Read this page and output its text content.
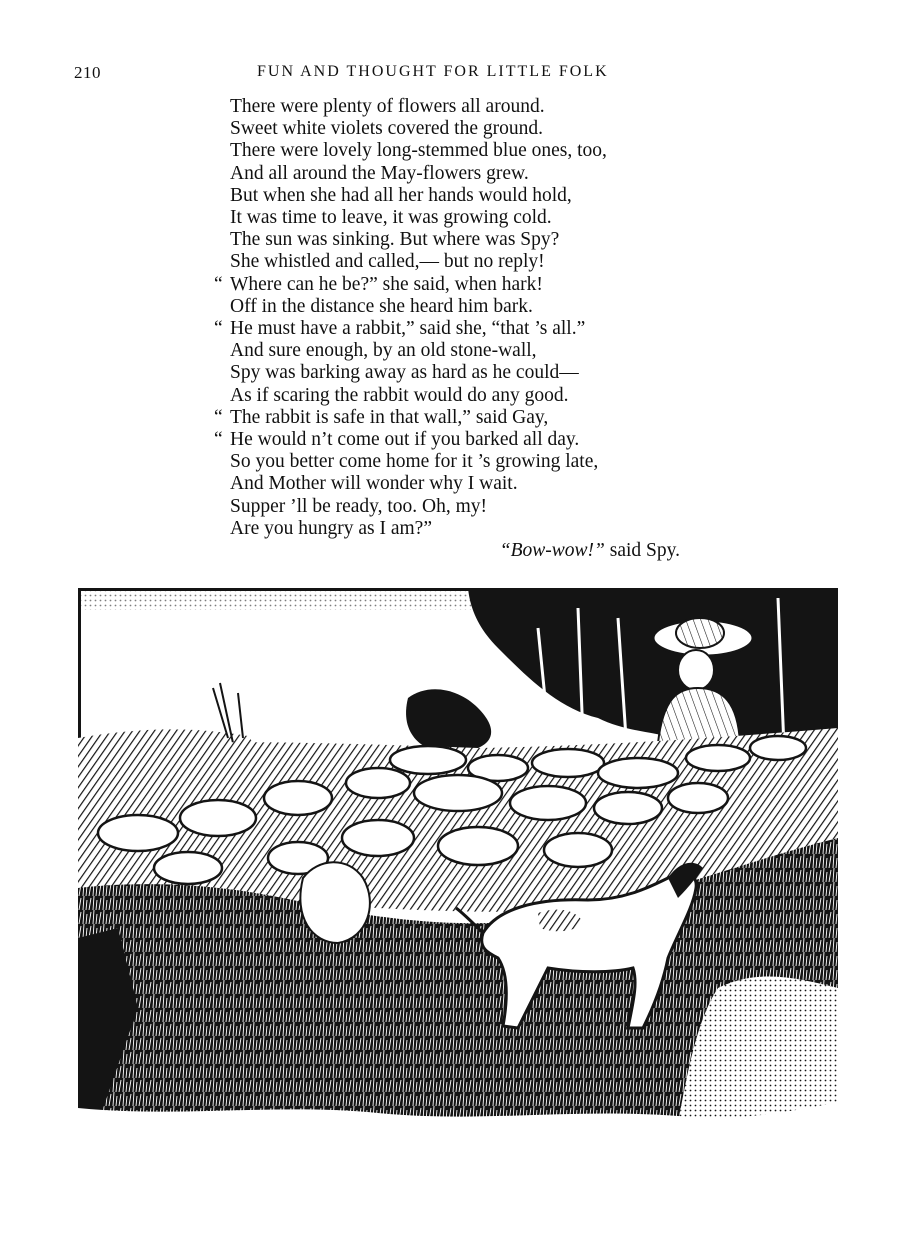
210	FUN AND THOUGHT FOR LITTLE FOLK
There were plenty of flowers all around.
Sweet white violets covered the ground.
There were lovely long-stemmed blue ones, too,
And all around the May-flowers grew.
But when she had all her hands would hold,
It was time to leave, it was growing cold.
The sun was sinking. But where was Spy?
She whistled and called,— but no reply!
“ Where can he be?” she said, when hark!
Off in the distance she heard him bark.
“ He must have a rabbit,” said she, “that ’s all.”
And sure enough, by an old stone-wall,
Spy was barking away as hard as he could—
As if scaring the rabbit would do any good.
“ The rabbit is safe in that wall,” said Gay,
“ He would n’t come out if you barked all day.
So you better come home for it ’s growing late,
And Mother will wonder why I wait.
Supper ’ll be ready, too. Oh, my!
Are you hungry as I am?”
“Bow-wow!” said Spy.
